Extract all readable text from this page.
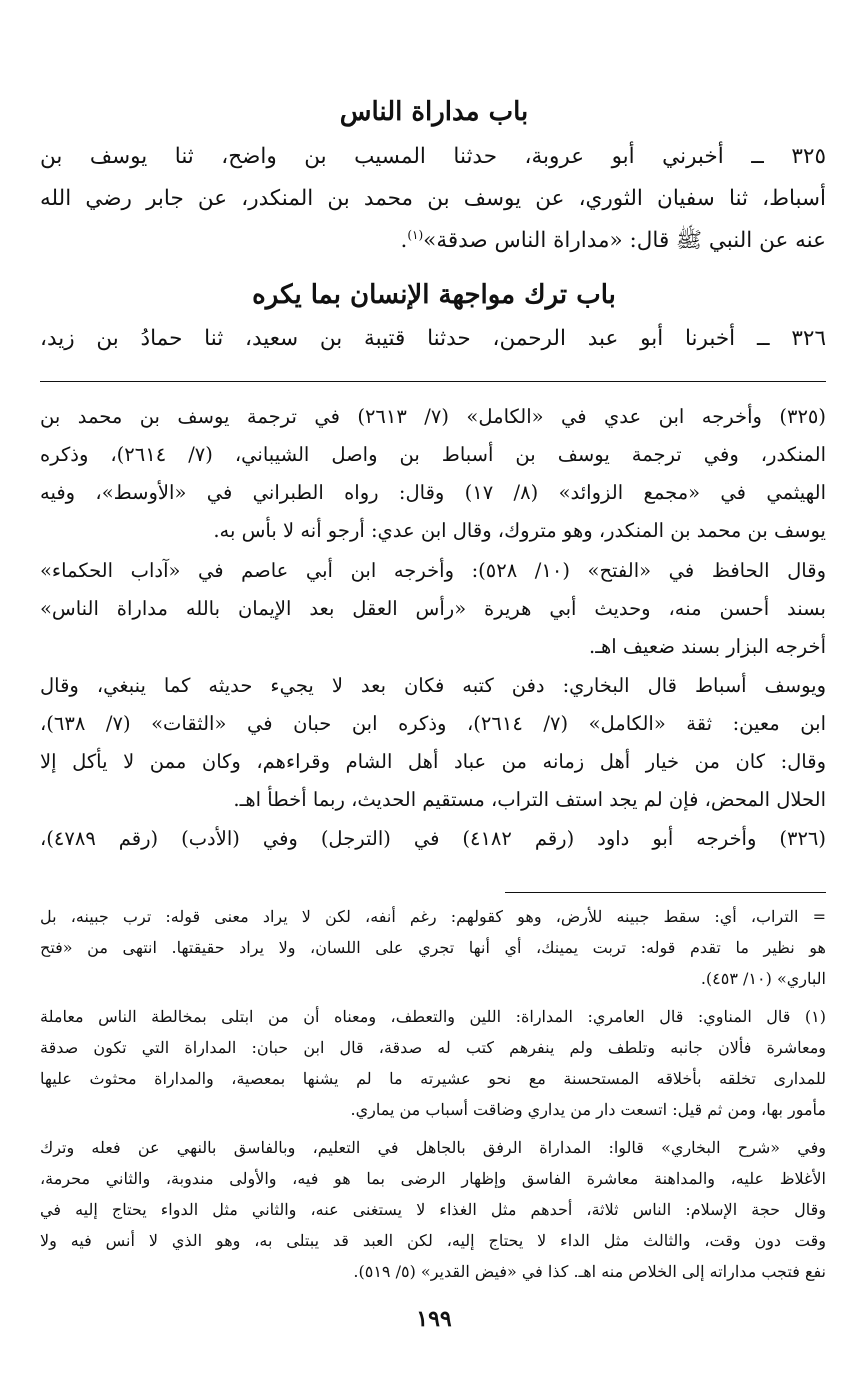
باب مداراة الناس
٣٢٥ ــ أخبرني أبو عروبة، حدثنا المسيب بن واضح، ثنا يوسف بن
أسباط، ثنا سفيان الثوري، عن يوسف بن محمد بن المنكدر، عن جابر رضي الله
عنه عن النبي ﷺ قال: «مداراة الناس صدقة»$^{(١)}$.
باب ترك مواجهة الإنسان بما يكره
٣٢٦ ــ أخبرنا أبو عبد الرحمن، حدثنا قتيبة بن سعيد، ثنا حمادُ بن زيد،
(٣٢٥) وأخرجه ابن عدي في «الكامل» (٧/ ٢٦١٣) في ترجمة يوسف بن محمد بن
المنكدر، وفي ترجمة يوسف بن أسباط بن واصل الشيباني، (٧/ ٢٦١٤)، وذكره
الهيثمي في «مجمع الزوائد» (٨/ ١٧) وقال: رواه الطبراني في «الأوسط»، وفيه
يوسف بن محمد بن المنكدر، وهو متروك، وقال ابن عدي: أرجو أنه لا بأس به.
وقال الحافظ في «الفتح» (١٠/ ٥٢٨): وأخرجه ابن أبي عاصم في «آداب الحكماء»
بسند أحسن منه، وحديث أبي هريرة «رأس العقل بعد الإيمان بالله مداراة الناس»
أخرجه البزار بسند ضعيف اهـ.
ويوسف أسباط قال البخاري: دفن كتبه فكان بعد لا يجيء حديثه كما ينبغي، وقال
ابن معين: ثقة «الكامل» (٧/ ٢٦١٤)، وذكره ابن حبان في «الثقات» (٧/ ٦٣٨)،
وقال: كان من خيار أهل زمانه من عباد أهل الشام وقراءهم، وكان ممن لا يأكل إلا
الحلال المحض، فإن لم يجد استف التراب، مستقيم الحديث، ربما أخطأ اهـ.
(٣٢٦) وأخرجه أبو داود (رقم ٤١٨٢) في (الترجل) وفي (الأدب) (رقم ٤٧٨٩)،
= التراب، أي: سقط جبينه للأرض، وهو كقولهم: رغم أنفه، لكن لا يراد معنى قوله: ترب جبينه، بل
هو نظير ما تقدم قوله: تربت يمينك، أي أنها تجري على اللسان، ولا يراد حقيقتها. انتهى من «فتح
الباري» (١٠/ ٤٥٣).
(١) قال المناوي: قال العامري: المداراة: اللين والتعطف، ومعناه أن من ابتلى بمخالطة الناس معاملة
ومعاشرة فألان جانبه وتلطف ولم ينفرهم كتب له صدقة، قال ابن حبان: المداراة التي تكون صدقة
للمدارى تخلقه بأخلاقه المستحسنة مع نحو عشيرته ما لم يشنها بمعصية، والمداراة محثوث عليها
مأمور بها، ومن ثم قيل: اتسعت دار من يداري وضاقت أسباب من يماري.
وفي «شرح البخاري» قالوا: المداراة الرفق بالجاهل في التعليم، وبالفاسق بالنهي عن فعله وترك
الأغلاظ عليه، والمداهنة معاشرة الفاسق وإظهار الرضى بما هو فيه، والأولى مندوبة، والثاني محرمة،
وقال حجة الإسلام: الناس ثلاثة، أحدهم مثل الغذاء لا يستغنى عنه، والثاني مثل الدواء يحتاج إليه في
وقت دون وقت، والثالث مثل الداء لا يحتاج إليه، لكن العبد قد يبتلى به، وهو الذي لا أنس فيه ولا
نفع فتجب مداراته إلى الخلاص منه اهـ. كذا في «فيض القدير» (٥/ ٥١٩).
١٩٩
